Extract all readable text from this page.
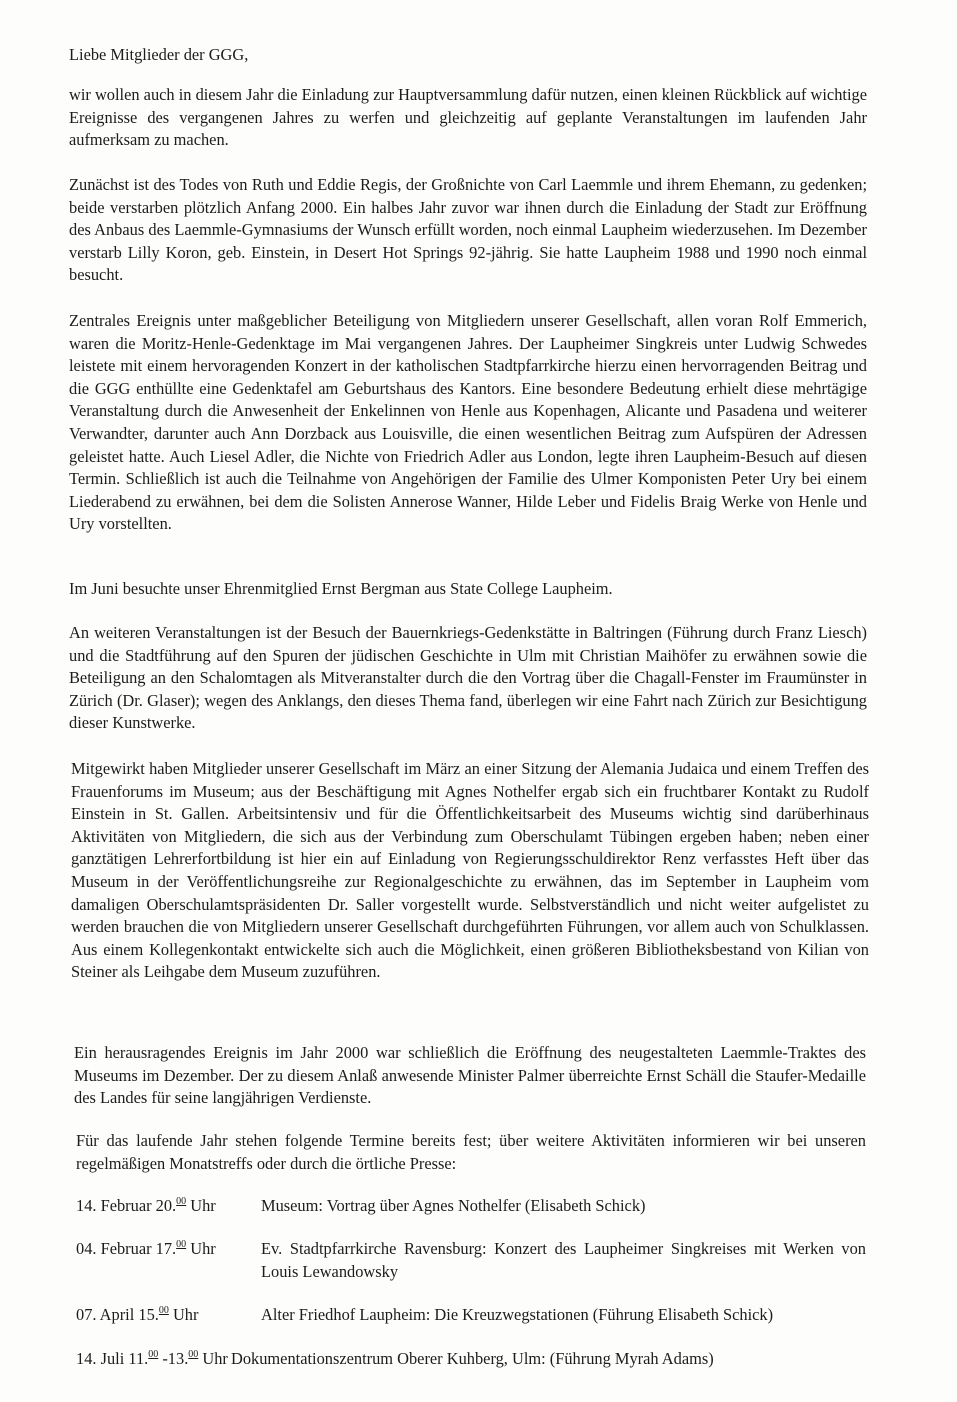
Liebe Mitglieder der GGG,

wir wollen auch in diesem Jahr die Einladung zur Hauptversammlung dafür nutzen, einen kleinen Rückblick auf wichtige Ereignisse des vergangenen Jahres zu werfen und gleichzeitig auf geplante Veranstaltungen im laufenden Jahr aufmerksam zu machen.

Zunächst ist des Todes von Ruth und Eddie Regis, der Großnichte von Carl Laemmle und ihrem Ehemann, zu gedenken; beide verstarben plötzlich Anfang 2000. Ein halbes Jahr zuvor war ihnen durch die Einladung der Stadt zur Eröffnung des Anbaus des Laemmle-Gymnasiums der Wunsch erfüllt worden, noch einmal Laupheim wiederzusehen. Im Dezember verstarb Lilly Koron, geb. Einstein, in Desert Hot Springs 92-jährig. Sie hatte Laupheim 1988 und 1990 noch einmal besucht.

Zentrales Ereignis unter maßgeblicher Beteiligung von Mitgliedern unserer Gesellschaft, allen voran Rolf Emmerich, waren die Moritz-Henle-Gedenktage im Mai vergangenen Jahres. Der Laupheimer Singkreis unter Ludwig Schwedes leistete mit einem hervoragenden Konzert in der katholischen Stadtpfarrkirche hierzu einen hervorragenden Beitrag und die GGG enthüllte eine Gedenktafel am Geburtshaus des Kantors. Eine besondere Bedeutung erhielt diese mehrtägige Veranstaltung durch die Anwesenheit der Enkelinnen von Henle aus Kopenhagen, Alicante und Pasadena und weiterer Verwandter, darunter auch Ann Dorzback aus Louisville, die einen wesentlichen Beitrag zum Aufspüren der Adressen geleistet hatte. Auch Liesel Adler, die Nichte von Friedrich Adler aus London, legte ihren Laupheim-Besuch auf diesen Termin. Schließlich ist auch die Teilnahme von Angehörigen der Familie des Ulmer Komponisten Peter Ury bei einem Liederabend zu erwähnen, bei dem die Solisten Annerose Wanner, Hilde Leber und Fidelis Braig Werke von Henle und Ury vorstellten.

Im Juni besuchte unser Ehrenmitglied Ernst Bergman aus State College Laupheim.

An weiteren Veranstaltungen ist der Besuch der Bauernkriegs-Gedenkstätte in Baltringen (Führung durch Franz Liesch) und die Stadtführung auf den Spuren der jüdischen Geschichte in Ulm mit Christian Maihöfer zu erwähnen sowie die Beteiligung an den Schalomtagen als Mitveranstalter durch die den Vortrag über die Chagall-Fenster im Fraumünster in Zürich (Dr. Glaser); wegen des Anklangs, den dieses Thema fand, überlegen wir eine Fahrt nach Zürich zur Besichtigung dieser Kunstwerke.

Mitgewirkt haben Mitglieder unserer Gesellschaft im März an einer Sitzung der Alemania Judaica und einem Treffen des Frauenforums im Museum; aus der Beschäftigung mit Agnes Nothelfer ergab sich ein fruchtbarer Kontakt zu Rudolf Einstein in St. Gallen. Arbeitsintensiv und für die Öffentlichkeitsarbeit des Museums wichtig sind darüberhinaus Aktivitäten von Mitgliedern, die sich aus der Verbindung zum Oberschulamt Tübingen ergeben haben; neben einer ganztätigen Lehrerfortbildung ist hier ein auf Einladung von Regierungsschuldirektor Renz verfasstes Heft über das Museum in der Veröffentlichungsreihe zur Regionalgeschichte zu erwähnen, das im September in Laupheim vom damaligen Oberschulamtspräsidenten Dr. Saller vorgestellt wurde. Selbstverständlich und nicht weiter aufgelistet zu werden brauchen die von Mitgliedern unserer Gesellschaft durchgeführten Führungen, vor allem auch von Schulklassen. Aus einem Kollegenkontakt entwickelte sich auch die Möglichkeit, einen größeren Bibliotheksbestand von Kilian von Steiner als Leihgabe dem Museum zuzuführen.

Ein herausragendes Ereignis im Jahr 2000 war schließlich die Eröffnung des neugestalteten Laemmle-Traktes des Museums im Dezember. Der zu diesem Anlaß anwesende Minister Palmer überreichte Ernst Schäll die Staufer-Medaille des Landes für seine langjährigen Verdienste.

Für das laufende Jahr stehen folgende Termine bereits fest; über weitere Aktivitäten informieren wir bei unseren regelmäßigen Monatstreffs oder durch die örtliche Presse:

14. Februar 20.00 Uhr	Museum: Vortrag über Agnes Nothelfer (Elisabeth Schick)
04. Februar 17.00 Uhr	Ev. Stadtpfarrkirche Ravensburg: Konzert des Laupheimer Singkreises mit Werken von Louis Lewandowsky
07. April 15.00 Uhr	Alter Friedhof Laupheim: Die Kreuzwegstationen (Führung Elisabeth Schick)
14. Juli 11.00 -13.00 Uhr Dokumentationszentrum Oberer Kuhberg, Ulm: (Führung Myrah Adams)
